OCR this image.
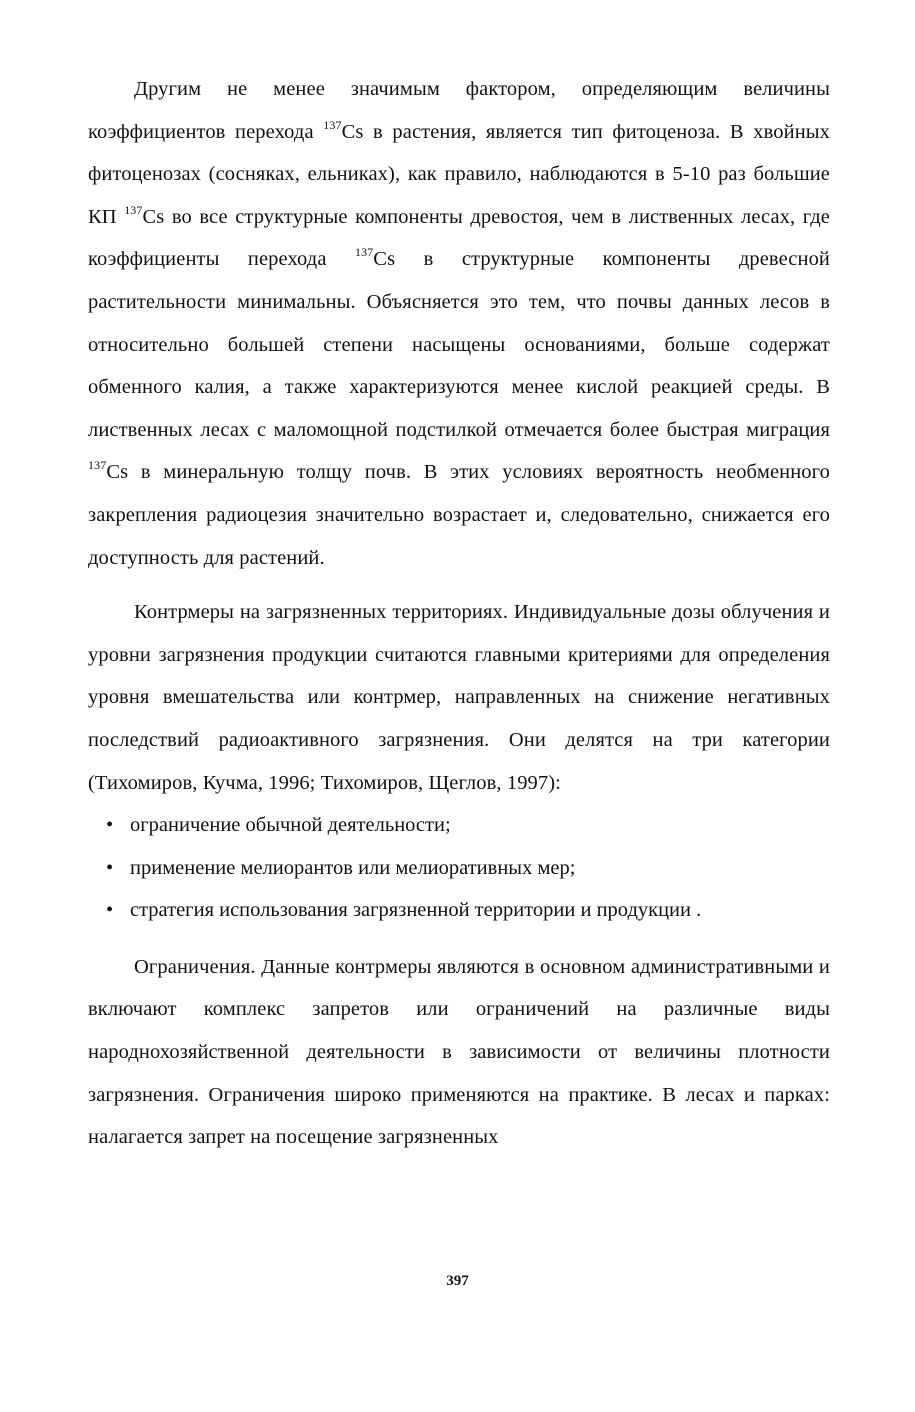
Другим не менее значимым фактором, определяющим величины коэффициентов перехода $^{137}$Cs в растения, является тип фитоценоза. В хвойных фитоценозах (сосняках, ельниках), как правило, наблюдаются в 5-10 раз большие КП $^{137}$Cs во все структурные компоненты древостоя, чем в лиственных лесах, где коэффициенты перехода $^{137}$Cs в структурные компоненты древесной растительности минимальны. Объясняется это тем, что почвы данных лесов в относительно большей степени насыщены основаниями, больше содержат обменного калия, а также характеризуются менее кислой реакцией среды. В лиственных лесах с маломощной подстилкой отмечается более быстрая миграция $^{137}$Cs в минеральную толщу почв. В этих условиях вероятность необменного закрепления радиоцезия значительно возрастает и, следовательно, снижается его доступность для растений.

Контрмеры на загрязненных территориях. Индивидуальные дозы облучения и уровни загрязнения продукции считаются главными критериями для определения уровня вмешательства или контрмер, направленных на снижение негативных последствий радиоактивного загрязнения. Они делятся на три категории (Тихомиров, Кучма, 1996; Тихомиров, Щеглов, 1997):

• ограничение обычной деятельности;
• применение мелиорантов или мелиоративных мер;
• стратегия использования загрязненной территории и продукции .

Ограничения. Данные контрмеры являются в основном административными и включают комплекс запретов или ограничений на различные виды народнохозяйственной деятельности в зависимости от величины плотности загрязнения. Ограничения широко применяются на практике. В лесах и парках: налагается запрет на посещение загрязненных

397
